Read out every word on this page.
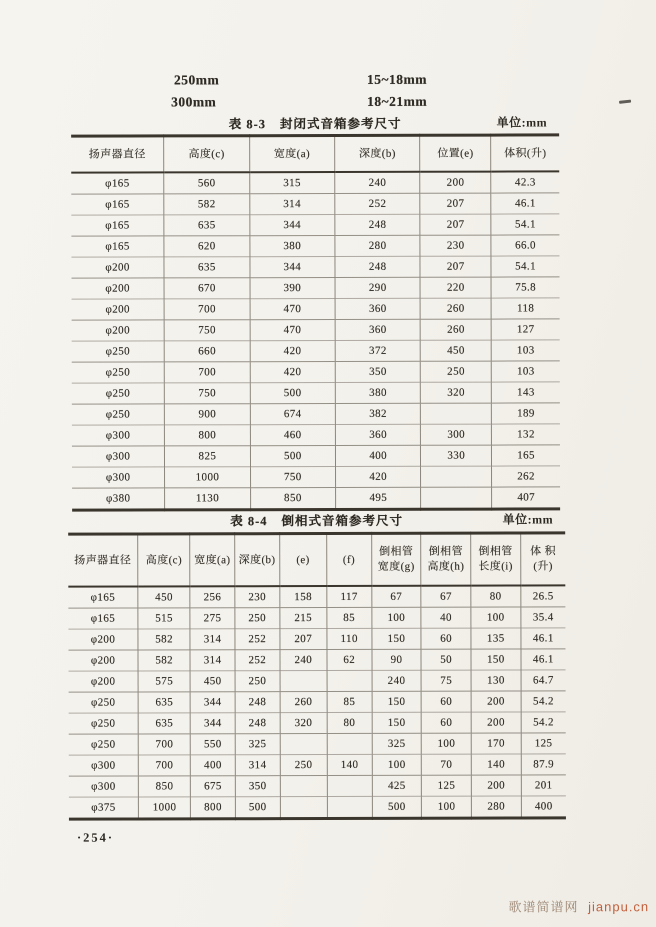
250mm	15~18mm
300mm	18~21mm
表 8-3 封闭式音箱参考尺寸	单位:mm
扬声器直径	高度(c)	宽度(a)	深度(b)	位置(e)	体积(升)
φ165	560	315	240	200	42.3
φ165	582	314	252	207	46.1
φ165	635	344	248	207	54.1
φ165	620	380	280	230	66.0
φ200	635	344	248	207	54.1
φ200	670	390	290	220	75.8
φ200	700	470	360	260	118
φ200	750	470	360	260	127
φ250	660	420	372	450	103
φ250	700	420	350	250	103
φ250	750	500	380	320	143
φ250	900	674	382		189
φ300	800	460	360	300	132
φ300	825	500	400	330	165
φ300	1000	750	420		262
φ380	1130	850	495		407
表 8-4 倒相式音箱参考尺寸	单位:mm
扬声器直径	高度(c)	宽度(a)	深度(b)	(e)	(f)	倒相管宽度(g)	倒相管高度(h)	倒相管长度(i)	体 积 (升)
φ165	450	256	230	158	117	67	67	80	26.5
φ165	515	275	250	215	85	100	40	100	35.4
φ200	582	314	252	207	110	150	60	135	46.1
φ200	582	314	252	240	62	90	50	150	46.1
φ200	575	450	250			240	75	130	64.7
φ250	635	344	248	260	85	150	60	200	54.2
φ250	635	344	248	320	80	150	60	200	54.2
φ250	700	550	325			325	100	170	125
φ300	700	400	314	250	140	100	70	140	87.9
φ300	850	675	350			425	125	200	201
φ375	1000	800	500			500	100	280	400
·254·
歌谱简谱网 jianpu.cn
